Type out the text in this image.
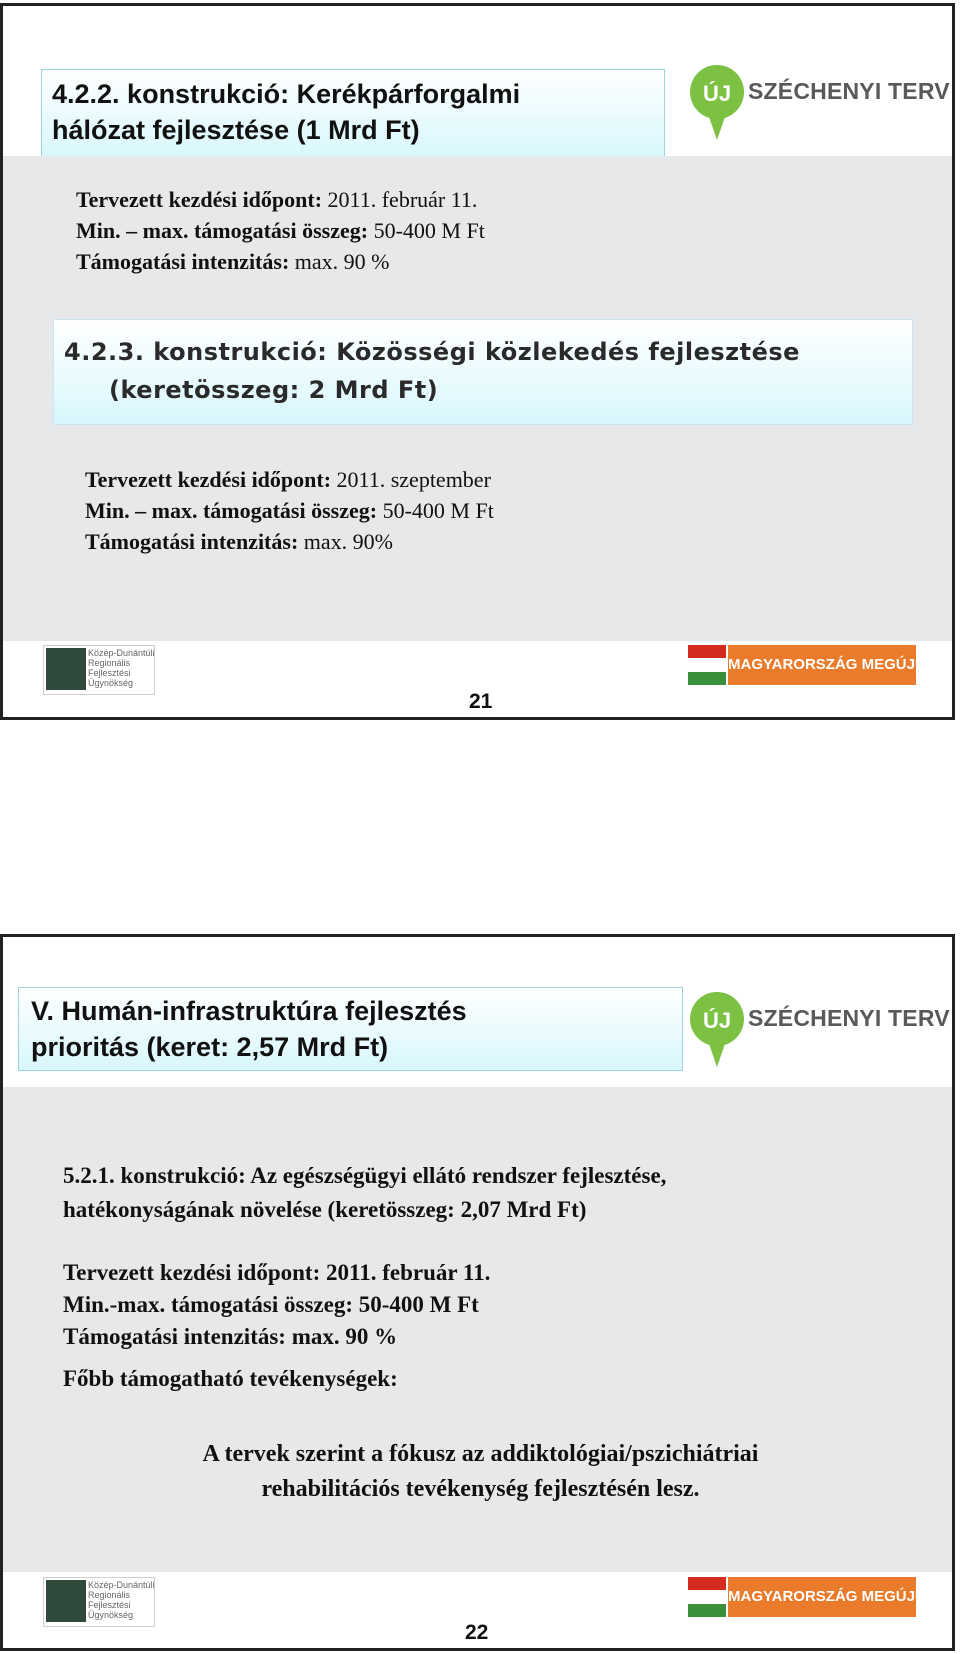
4.2.2. konstrukció: Kerékpárforgalmi
hálózat fejlesztése (1 Mrd Ft)
ÚJ SZÉCHENYI TERV
Tervezett kezdési időpont: 2011. február 11.
Min. – max. támogatási összeg: 50-400 M Ft
Támogatási intenzitás: max. 90 %
4.2.3. konstrukció: Közösségi közlekedés fejlesztése
(keretösszeg: 2 Mrd Ft)
Tervezett kezdési időpont: 2011. szeptember
Min. – max. támogatási összeg: 50-400 M Ft
Támogatási intenzitás: max. 90%
Közép-Dunántúli
Regionális
Fejlesztési
Ügynökség
MAGYARORSZÁG MEGÚJUL
21
V. Humán-infrastruktúra fejlesztés
prioritás (keret: 2,57 Mrd Ft)
ÚJ SZÉCHENYI TERV
5.2.1. konstrukció: Az egészségügyi ellátó rendszer fejlesztése,
hatékonyságának növelése (keretösszeg: 2,07 Mrd Ft)
Tervezett kezdési időpont: 2011. február 11.
Min.-max. támogatási összeg: 50-400 M Ft
Támogatási intenzitás: max. 90 %
Főbb támogatható tevékenységek:
A tervek szerint a fókusz az addiktológiai/pszichiátriai
rehabilitációs tevékenység fejlesztésén lesz.
Közép-Dunántúli
Regionális
Fejlesztési
Ügynökség
MAGYARORSZÁG MEGÚJUL
22
